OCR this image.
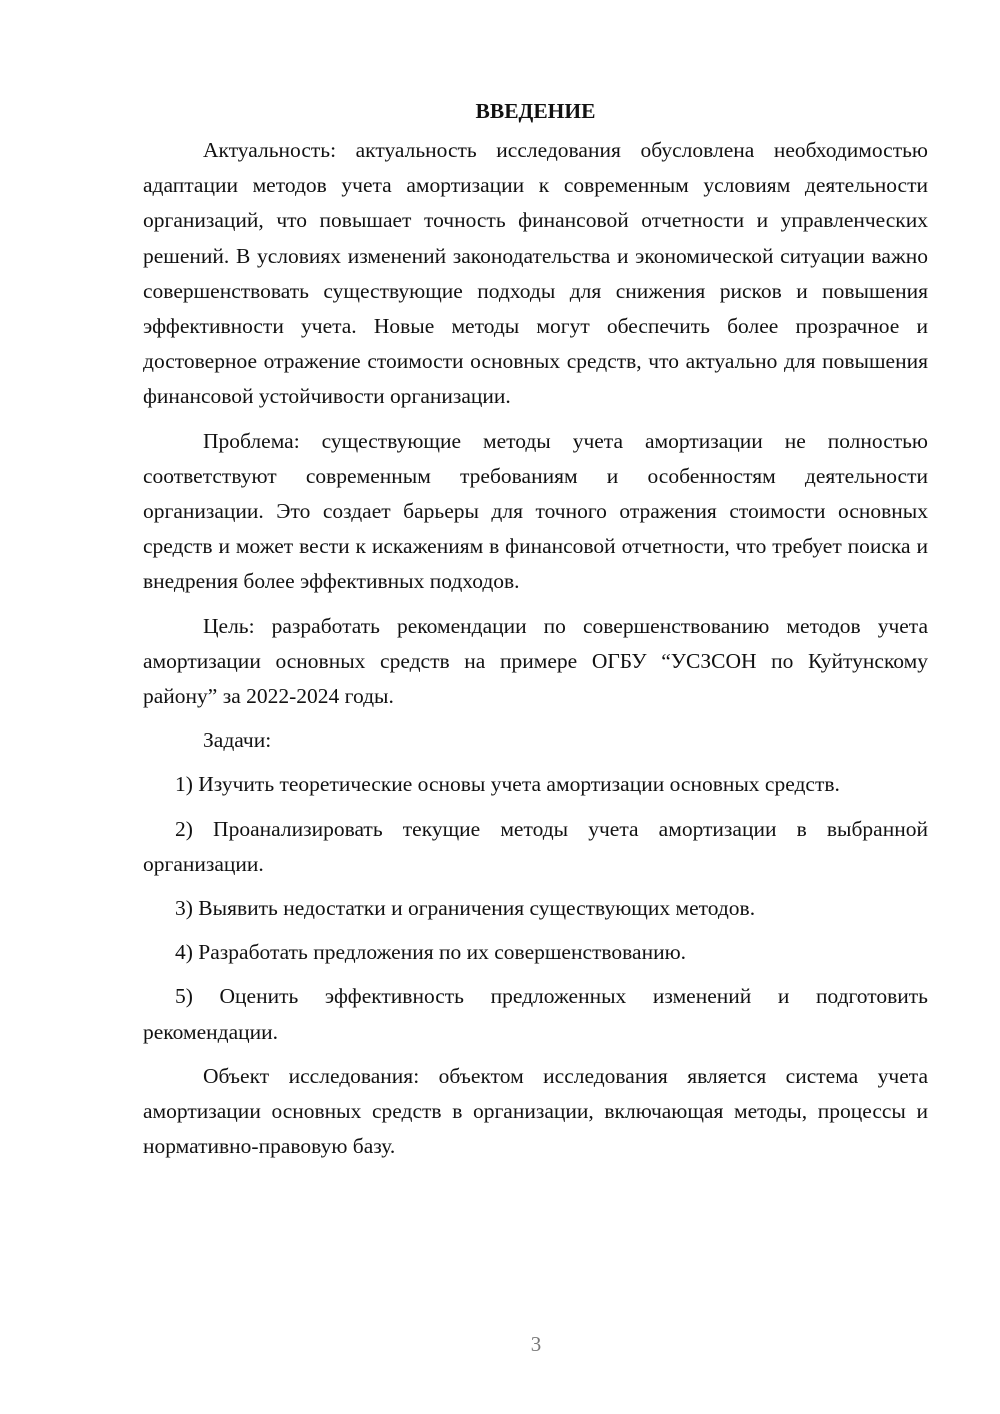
ВВЕДЕНИЕ

Актуальность: актуальность исследования обусловлена необходимостью адаптации методов учета амортизации к современным условиям деятельности организаций, что повышает точность финансовой отчетности и управленческих решений. В условиях изменений законодательства и экономической ситуации важно совершенствовать существующие подходы для снижения рисков и повышения эффективности учета. Новые методы могут обеспечить более прозрачное и достоверное отражение стоимости основных средств, что актуально для повышения финансовой устойчивости организации.

Проблема: существующие методы учета амортизации не полностью соответствуют современным требованиям и особенностям деятельности организации. Это создает барьеры для точного отражения стоимости основных средств и может вести к искажениям в финансовой отчетности, что требует поиска и внедрения более эффективных подходов.

Цель: разработать рекомендации по совершенствованию методов учета амортизации основных средств на примере ОГБУ “УСЗСОН по Куйтунскому району” за 2022-2024 годы.

Задачи:

1) Изучить теоретические основы учета амортизации основных средств.

2) Проанализировать текущие методы учета амортизации в выбранной организации.

3) Выявить недостатки и ограничения существующих методов.

4) Разработать предложения по их совершенствованию.

5) Оценить эффективность предложенных изменений и подготовить рекомендации.

Объект исследования: объектом исследования является система учета амортизации основных средств в организации, включающая методы, процессы и нормативно-правовую базу.

3
